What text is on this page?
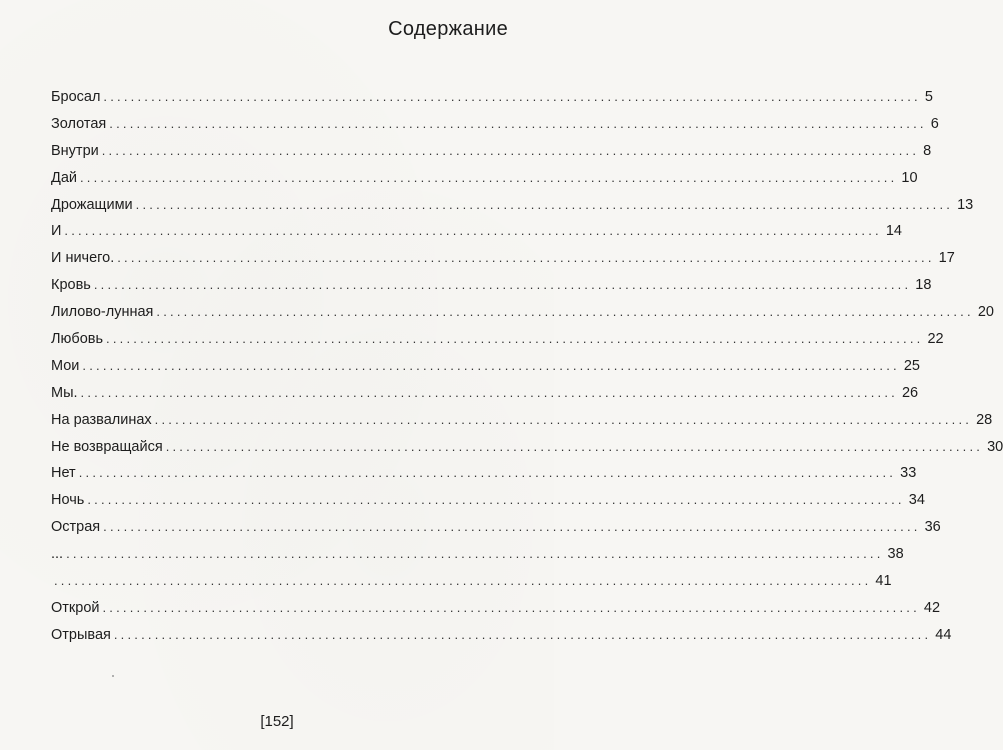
Содержание
Бросал ........................................................................................................................ 5
Золотая ........................................................................................................................ 6
Внутри ........................................................................................................................ 8
Дай ........................................................................................................................ 10
Дрожащими ........................................................................................................................ 13
И ........................................................................................................................ 14
И ничего. ........................................................................................................................ 17
Кровь ........................................................................................................................ 18
Лилово-лунная ........................................................................................................................ 20
Любовь ........................................................................................................................ 22
Мои ........................................................................................................................ 25
Мы. ........................................................................................................................ 26
На развалинах ........................................................................................................................ 28
Не возвращайся ........................................................................................................................ 30
Нет ........................................................................................................................ 33
Ночь ........................................................................................................................ 34
Острая ........................................................................................................................ 36
... ........................................................................................................................ 38
........................................................................................................................ 41
Открой ........................................................................................................................ 42
Отрывая ........................................................................................................................ 44
[152]
